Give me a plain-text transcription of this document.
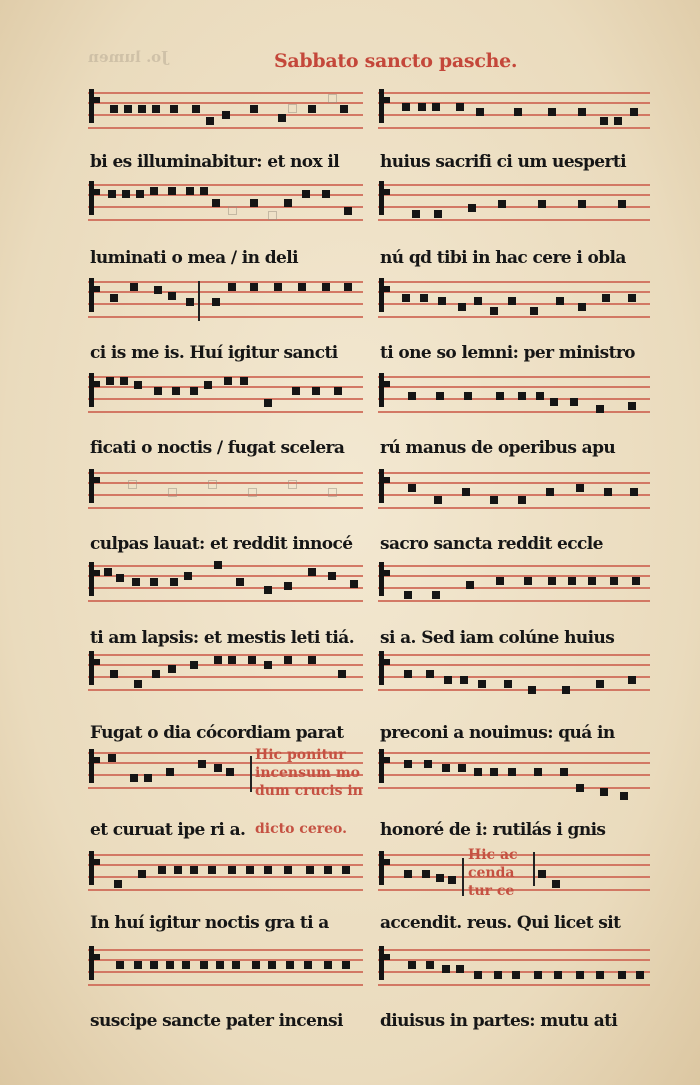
Jo. lumen	Sabbato sancto pasche.
bi es illuminabitur: et nox il
luminati o mea / in deli
ci is me is. Huí igitur sancti
ficati o noctis / fugat scelera
culpas lauat: et reddit innocé
ti am lapsis: et mestis leti tiá.
Fugat o dia cócordiam parat
Hic ponitur
incensum mo
dum crucis in
dicto cereo.
et curuat ipe ri a.
In huí igitur noctis gra ti a
suscipe sancte pater incensi
huius sacrifi ci um uesperti
nú qd tibi in hac cere i obla
ti one so lemni: per ministro
rú manus de operibus apu
sacro sancta reddit eccle
si a. Sed iam colúne huius
preconi a nouimus: quá in
honoré de i: rutilás i gnis
Hic ac
cenda
tur ce
accendit. reus. Qui licet sit
diuisus in partes: mutu ati
